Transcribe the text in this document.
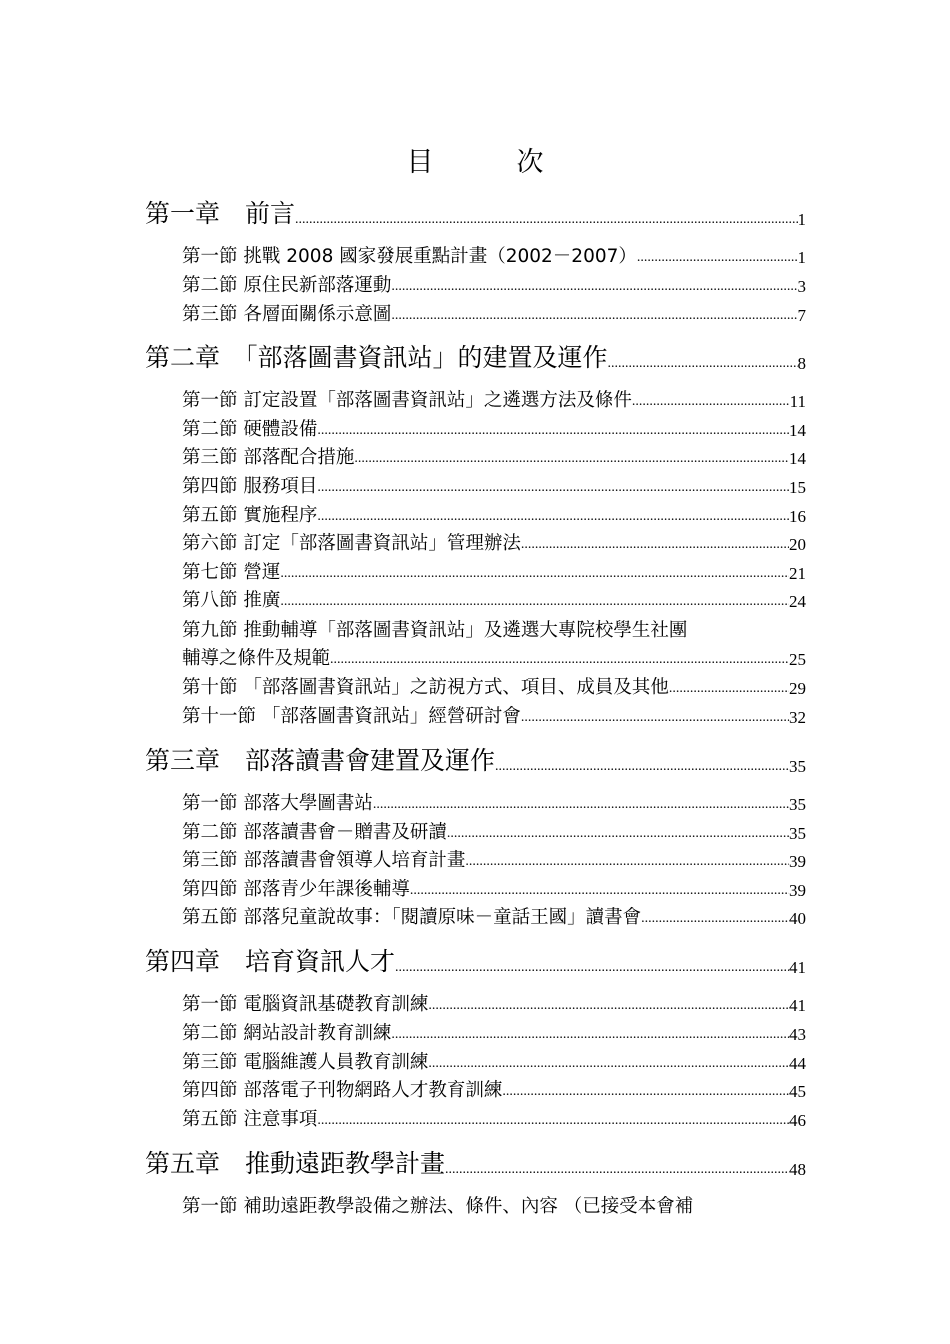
目　次
第一章　前言 .....	1
第一節 挑戰 2008 國家發展重點計畫（2002－2007） .....	1
第二節 原住民新部落運動 .....	3
第三節 各層面關係示意圖 .....	7
第二章　「部落圖書資訊站」的建置及運作 .....	8
第一節 訂定設置「部落圖書資訊站」之遴選方法及條件 .....	11
第二節 硬體設備 .....	14
第三節 部落配合措施 .....	14
第四節 服務項目 .....	15
第五節 實施程序 .....	16
第六節 訂定「部落圖書資訊站」管理辦法 .....	20
第七節 營運 .....	21
第八節 推廣 .....	24
第九節 推動輔導「部落圖書資訊站」及遴選大專院校學生社團
輔導之條件及規範 .....	25
第十節 「部落圖書資訊站」之訪視方式、項目、成員及其他 .....	29
第十一節 「部落圖書資訊站」經營研討會 .....	32
第三章　部落讀書會建置及運作 .....	35
第一節 部落大學圖書站 .....	35
第二節 部落讀書會－贈書及研讀 .....	35
第三節 部落讀書會領導人培育計畫 .....	39
第四節 部落青少年課後輔導 .....	39
第五節 部落兒童說故事：「閱讀原味－童話王國」讀書會 .....	40
第四章　培育資訊人才 .....	41
第一節 電腦資訊基礎教育訓練 .....	41
第二節 網站設計教育訓練 .....	43
第三節 電腦維護人員教育訓練 .....	44
第四節 部落電子刊物網路人才教育訓練 .....	45
第五節 注意事項 .....	46
第五章　推動遠距教學計畫 .....	48
第一節 補助遠距教學設備之辦法、條件、內容 （已接受本會補
